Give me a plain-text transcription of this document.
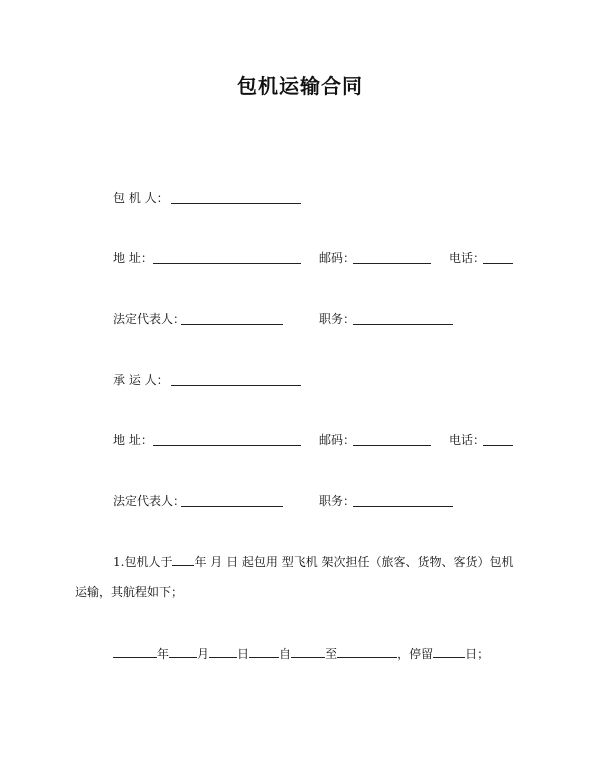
包机运输合同
包 机 人：
地 址：	邮码：	电话：
法定代表人：	职务：
承 运 人：
地 址：	邮码：	电话：
法定代表人：	职务：
1.包机人于 年 月 日 起包用 型飞机 架次担任（旅客、货物、客货）包机
运输，其航程如下；
年 月 日	自	至	，停留	日；
